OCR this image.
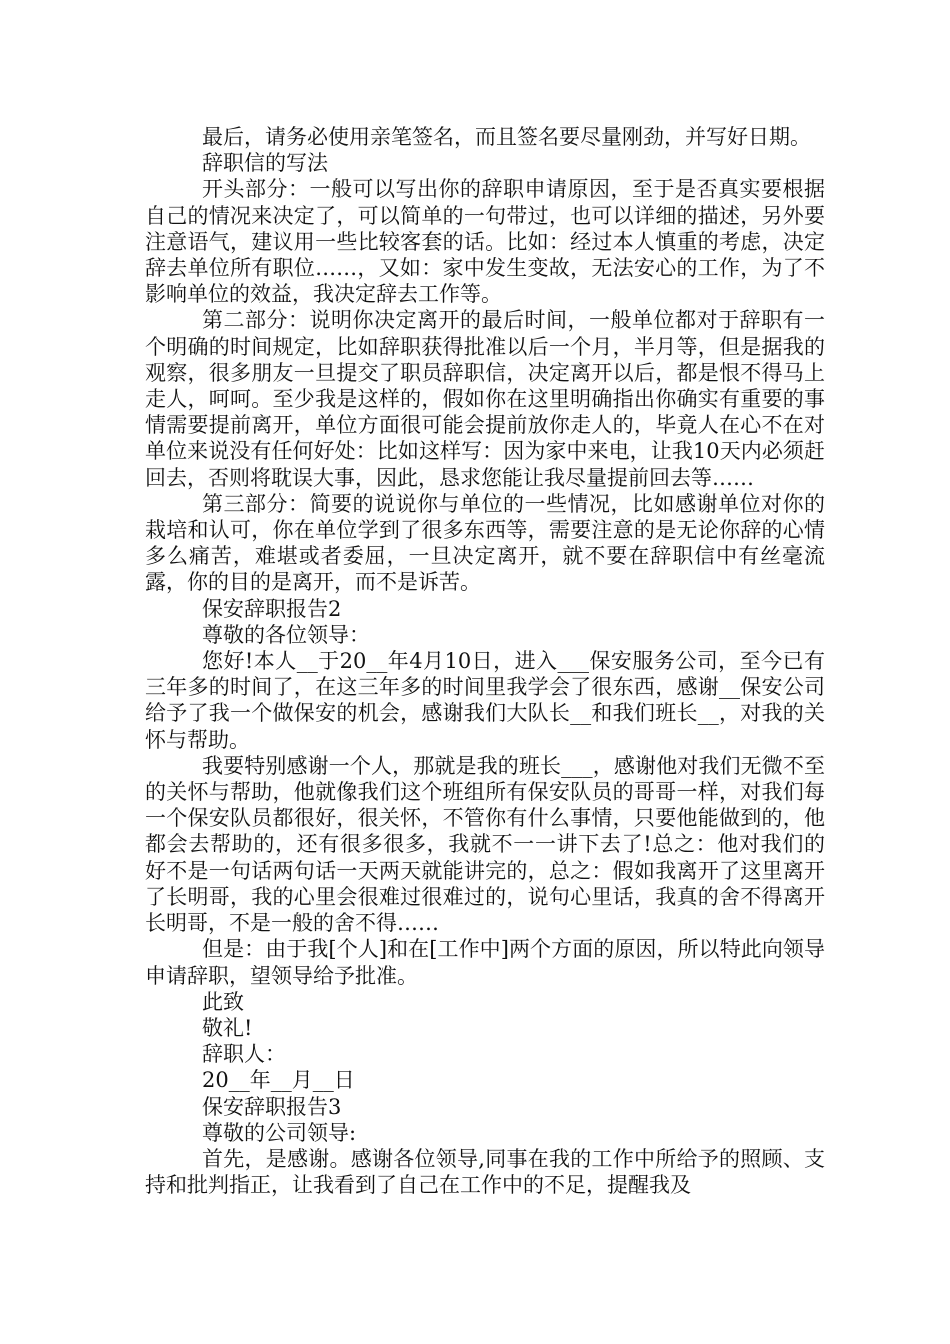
最后，请务必使用亲笔签名，而且签名要尽量刚劲，并写好日期。

辞职信的写法

开头部分：一般可以写出你的辞职申请原因，至于是否真实要根据自己的情况来决定了，可以简单的一句带过，也可以详细的描述，另外要注意语气，建议用一些比较客套的话。比如：经过本人慎重的考虑，决定辞去单位所有职位……，又如：家中发生变故，无法安心的工作，为了不影响单位的效益，我决定辞去工作等。

第二部分：说明你决定离开的最后时间，一般单位都对于辞职有一个明确的时间规定，比如辞职获得批准以后一个月，半月等，但是据我的观察，很多朋友一旦提交了职员辞职信，决定离开以后，都是恨不得马上走人，呵呵。至少我是这样的，假如你在这里明确指出你确实有重要的事情需要提前离开，单位方面很可能会提前放你走人的，毕竟人在心不在对单位来说没有任何好处：比如这样写：因为家中来电，让我10天内必须赶回去，否则将耽误大事，因此，恳求您能让我尽量提前回去等……

第三部分：简要的说说你与单位的一些情况，比如感谢单位对你的栽培和认可，你在单位学到了很多东西等，需要注意的是无论你辞的心情多么痛苦，难堪或者委屈，一旦决定离开，就不要在辞职信中有丝毫流露，你的目的是离开，而不是诉苦。

保安辞职报告2

尊敬的各位领导：

您好!本人__于20__年4月10日，进入___保安服务公司，至今已有三年多的时间了，在这三年多的时间里我学会了很东西，感谢__保安公司给予了我一个做保安的机会，感谢我们大队长__和我们班长__，对我的关怀与帮助。

我要特别感谢一个人，那就是我的班长___，感谢他对我们无微不至的关怀与帮助，他就像我们这个班组所有保安队员的哥哥一样，对我们每一个保安队员都很好，很关怀，不管你有什么事情，只要他能做到的，他都会去帮助的，还有很多很多，我就不一一讲下去了!总之：他对我们的好不是一句话两句话一天两天就能讲完的，总之：假如我离开了这里离开了长明哥，我的心里会很难过很难过的，说句心里话，我真的舍不得离开长明哥，不是一般的舍不得……

但是：由于我[个人]和在[工作中]两个方面的原因，所以特此向领导申请辞职，望领导给予批准。

此致

敬礼!

辞职人：

20__年__月__日

保安辞职报告3

尊敬的公司领导:

首先，是感谢。感谢各位领导,同事在我的工作中所给予的照顾、支持和批判指正，让我看到了自己在工作中的不足，提醒我及
